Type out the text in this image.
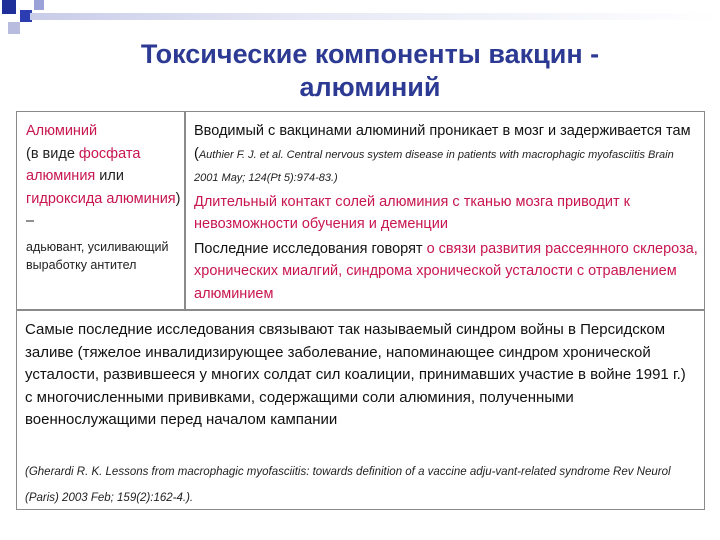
Токсические компоненты вакцин - алюминий
Алюминий
(в виде фосфата
алюминия или гидроксида алюминия) –
адьювант, усиливающий выработку антител
Вводимый с вакцинами алюминий проникает в мозг и задерживается там (Authier F. J. et al. Central nervous system disease in patients with macrophagic myofasciitis Brain 2001 May; 124(Pt 5):974-83.)
Длительный контакт солей алюминия с тканью мозга приводит к невозможности обучения и деменции
Последние исследования говорят о связи развития рассеянного склероза, хронических миалгий, синдрома хронической усталости с отравлением алюминием
Самые последние исследования связывают так называемый синдром войны в Персидском заливе (тяжелое инвалидизирующее заболевание, напоминающее синдром хронической усталости, развившееся у многих солдат сил коалиции, принимавших участие в войне 1991 г.) с многочисленными прививками, содержащими соли алюминия, полученными военнослужащими перед началом кампании
(Gherardi R. K. Lessons from macrophagic myofasciitis: towards definition of a vaccine adju-vant-related syndrome Rev Neurol (Paris) 2003 Feb; 159(2):162-4.).
